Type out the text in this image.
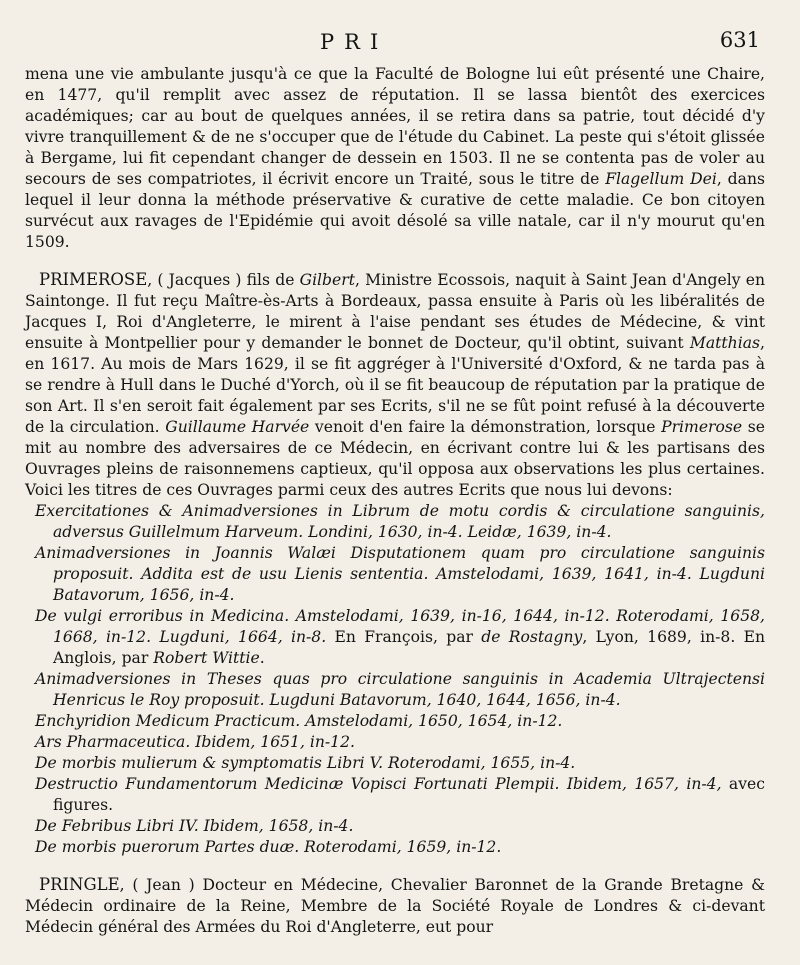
PRI	631

mena une vie ambulante jusqu'à ce que la Faculté de Bologne lui eût présenté une Chaire, en 1477, qu'il remplit avec assez de réputation. Il se lassa bientôt des exercices académiques; car au bout de quelques années, il se retira dans sa patrie, tout décidé d'y vivre tranquillement & de ne s'occuper que de l'étude du Cabinet. La peste qui s'étoit glissée à Bergame, lui fit cependant changer de dessein en 1503. Il ne se contenta pas de voler au secours de ses compatriotes, il écrivit encore un Traité, sous le titre de Flagellum Dei, dans lequel il leur donna la méthode préservative & curative de cette maladie. Ce bon citoyen survécut aux ravages de l'Epidémie qui avoit désolé sa ville natale, car il n'y mourut qu'en 1509.

PRIMEROSE, ( Jacques ) fils de Gilbert, Ministre Ecossois, naquit à Saint Jean d'Angely en Saintonge. Il fut reçu Maître-ès-Arts à Bordeaux, passa ensuite à Paris où les libéralités de Jacques I, Roi d'Angleterre, le mirent à l'aise pendant ses études de Médecine, & vint ensuite à Montpellier pour y demander le bonnet de Docteur, qu'il obtint, suivant Matthias, en 1617. Au mois de Mars 1629, il se fit aggréger à l'Université d'Oxford, & ne tarda pas à se rendre à Hull dans le Duché d'Yorch, où il se fit beaucoup de réputation par la pratique de son Art. Il s'en seroit fait également par ses Ecrits, s'il ne se fût point refusé à la découverte de la circulation. Guillaume Harvée venoit d'en faire la démonstration, lorsque Primerose se mit au nombre des adversaires de ce Médecin, en écrivant contre lui & les partisans des Ouvrages pleins de raisonnemens captieux, qu'il opposa aux observations les plus certaines. Voici les titres de ces Ouvrages parmi ceux des autres Ecrits que nous lui devons:

Exercitationes & Animadversiones in Librum de motu cordis & circulatione sanguinis, adversus Guillelmum Harveum. Londini, 1630, in-4. Leidæ, 1639, in-4.
Animadversiones in Joannis Walæi Disputationem quam pro circulatione sanguinis proposuit. Addita est de usu Lienis sententia. Amstelodami, 1639, 1641, in-4. Lugduni Batavorum, 1656, in-4.
De vulgi erroribus in Medicina. Amstelodami, 1639, in-16, 1644, in-12. Roterodami, 1658, 1668, in-12. Lugduni, 1664, in-8. En François, par de Rostagny, Lyon, 1689, in-8. En Anglois, par Robert Wittie.
Animadversiones in Theses quas pro circulatione sanguinis in Academia Ultrajectensi Henricus le Roy proposuit. Lugduni Batavorum, 1640, 1644, 1656, in-4.
Enchyridion Medicum Practicum. Amstelodami, 1650, 1654, in-12.
Ars Pharmaceutica. Ibidem, 1651, in-12.
De morbis mulierum & symptomatis Libri V. Roterodami, 1655, in-4.
Destructio Fundamentorum Medicinæ Vopisci Fortunati Plempii. Ibidem, 1657, in-4, avec figures.
De Febribus Libri IV. Ibidem, 1658, in-4.
De morbis puerorum Partes duæ. Roterodami, 1659, in-12.

PRINGLE, ( Jean ) Docteur en Médecine, Chevalier Baronnet de la Grande Bretagne & Médecin ordinaire de la Reine, Membre de la Société Royale de Londres & ci-devant Médecin général des Armées du Roi d'Angleterre, eut pour
